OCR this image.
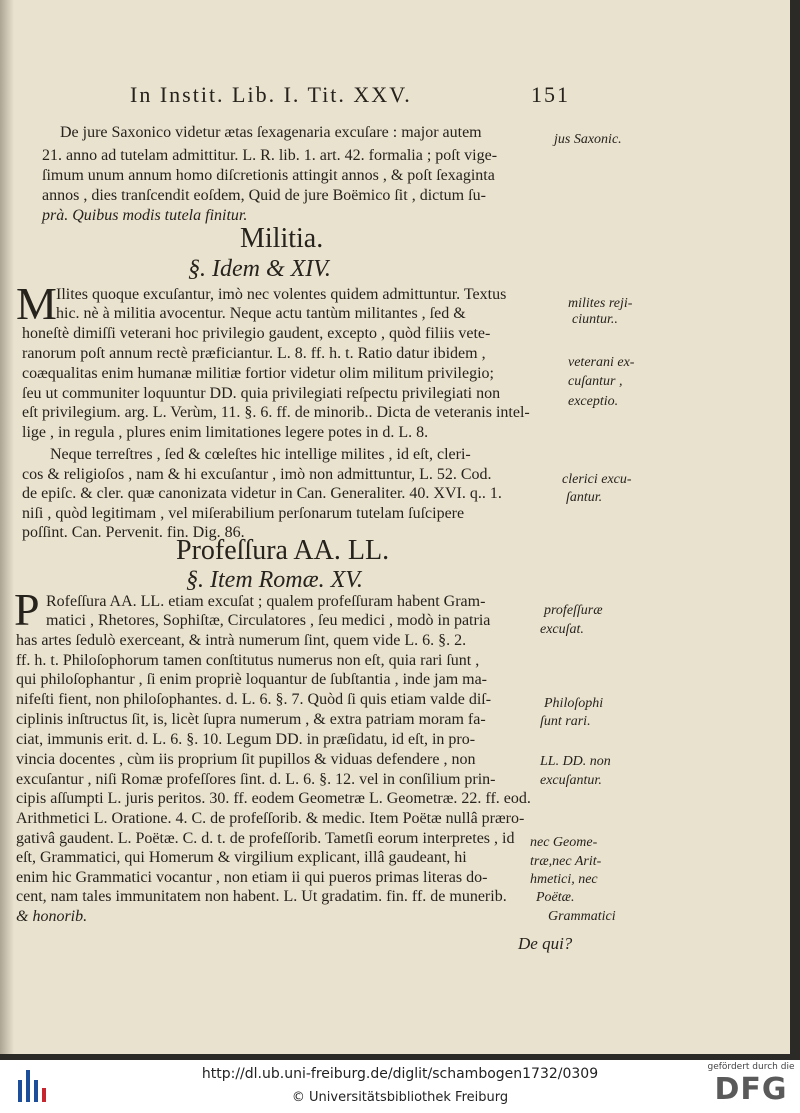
In Instit. Lib. I. Tit. XXV.	151
De jure Saxonico videtur ætas ſexagenaria excuſare : major autem
21. anno ad tutelam admittitur. L. R. lib. 1. art. 42. formalia ; poſt vige-
ſimum unum annum homo diſcretionis attingit annos , & poſt ſexaginta
annos , dies tranſcendit eoſdem, Quid de jure Boëmico ſit , dictum ſu-
prà. Quibus modis tutela finitur.
jus Saxonic.
Militia.
§. Idem & XIV.
M Ilites quoque excuſantur, imò nec volentes quidem admittuntur. Textus
hic. nè à militia avocentur. Neque actu tantùm militantes , ſed &
honeſtè dimiſſi veterani hoc privilegio gaudent, excepto , quòd filiis vete-
ranorum poſt annum rectè præficiantur. L. 8. ff. h. t. Ratio datur ibidem ,
coæqualitas enim humanæ militiæ fortior videtur olim militum privilegio;
ſeu ut communiter loquuntur DD. quia privilegiati reſpectu privilegiati non
eſt privilegium. arg. L. Verùm, 11. §. 6. ff. de minorib.. Dicta de veteranis intel-
lige , in regula , plures enim limitationes legere potes in d. L. 8.
Neque terreſtres , ſed & cœleſtes hic intellige milites , id eſt, cleri-
cos & religioſos , nam & hi excuſantur , imò non admittuntur, L. 52. Cod.
de epiſc. & cler. quæ canonizata videtur in Can. Generaliter. 40. XVI. q.. 1.
niſi , quòd legitimam , vel miſerabilium perſonarum tutelam ſuſcipere
poſſint. Can. Pervenit. fin. Dig. 86.
milites reji-
ciuntur..
veterani ex-
cuſantur ,
exceptio.
clerici excu-
ſantur.
Profeſſura AA. LL.
§. Item Romæ. XV.
P Rofeſſura AA. LL. etiam excuſat ; qualem profeſſuram habent Gram-
matici , Rhetores, Sophiſtæ, Circulatores , ſeu medici , modò in patria
has artes ſedulò exerceant, & intrà numerum ſint, quem vide L. 6. §. 2.
ff. h. t. Philoſophorum tamen conſtitutus numerus non eſt, quia rari ſunt ,
qui philoſophantur , ſi enim propriè loquantur de ſubſtantia , inde jam ma-
nifeſti fient, non philoſophantes. d. L. 6. §. 7. Quòd ſi quis etiam valde diſ-
ciplinis inſtructus ſit, is, licèt ſupra numerum , & extra patriam moram fa-
ciat, immunis erit. d. L. 6. §. 10. Legum DD. in præſidatu, id eſt, in pro-
vincia docentes , cùm iis proprium ſit pupillos & viduas defendere , non
excuſantur , niſi Romæ profeſſores ſint. d. L. 6. §. 12. vel in conſilium prin-
cipis aſſumpti L. juris peritos. 30. ff. eodem Geometræ L. Geometræ. 22. ff. eod.
Arithmetici L. Oratione. 4. C. de profeſſorib. & medic. Item Poëtæ nullâ præro-
gativâ gaudent. L. Poëtæ. C. d. t. de profeſſorib. Tametſi eorum interpretes , id
eſt, Grammatici, qui Homerum & virgilium explicant, illâ gaudeant, hi
enim hic Grammatici vocantur , non etiam ii qui pueros primas literas do-
cent, nam tales immunitatem non habent. L. Ut gradatim. fin. ff. de munerib.
& honorib.
profeſſuræ
excuſat.
Philoſophi
ſunt rari.
LL. DD. non
excuſantur.
nec Geome-
træ,nec Arit-
hmetici, nec
Poëtæ.
Grammatici
De qui?
http://dl.ub.uni-freiburg.de/diglit/schambogen1732/0309
© Universitätsbibliothek Freiburg
gefördert durch die
DFG
